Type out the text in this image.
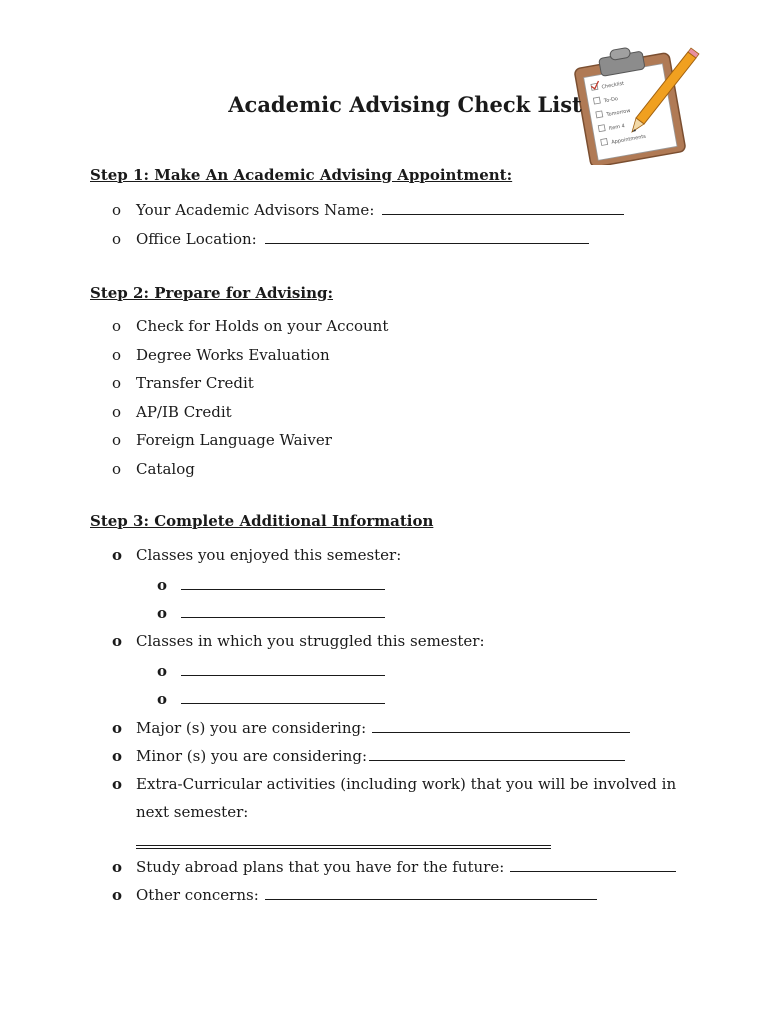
Checklist
To-Do
Tomorrow
Item 4
Appointments
Academic Advising Check List
Step 1: Make An Academic Advising Appointment:
o Your Academic Advisors Name:
o Office Location:
Step 2: Prepare for Advising:
o Check for Holds on your Account
o Degree Works Evaluation
o Transfer Credit
o AP/IB Credit
o Foreign Language Waiver
o Catalog
Step 3: Complete Additional Information
o Classes you enjoyed this semester:
o
o
o Classes in which you struggled this semester:
o
o
o Major (s) you are considering:
o Minor (s) you are considering:
o Extra-Curricular activities (including work) that you will be involved in
next semester:
o Study abroad plans that you have for the future:
o Other concerns:
